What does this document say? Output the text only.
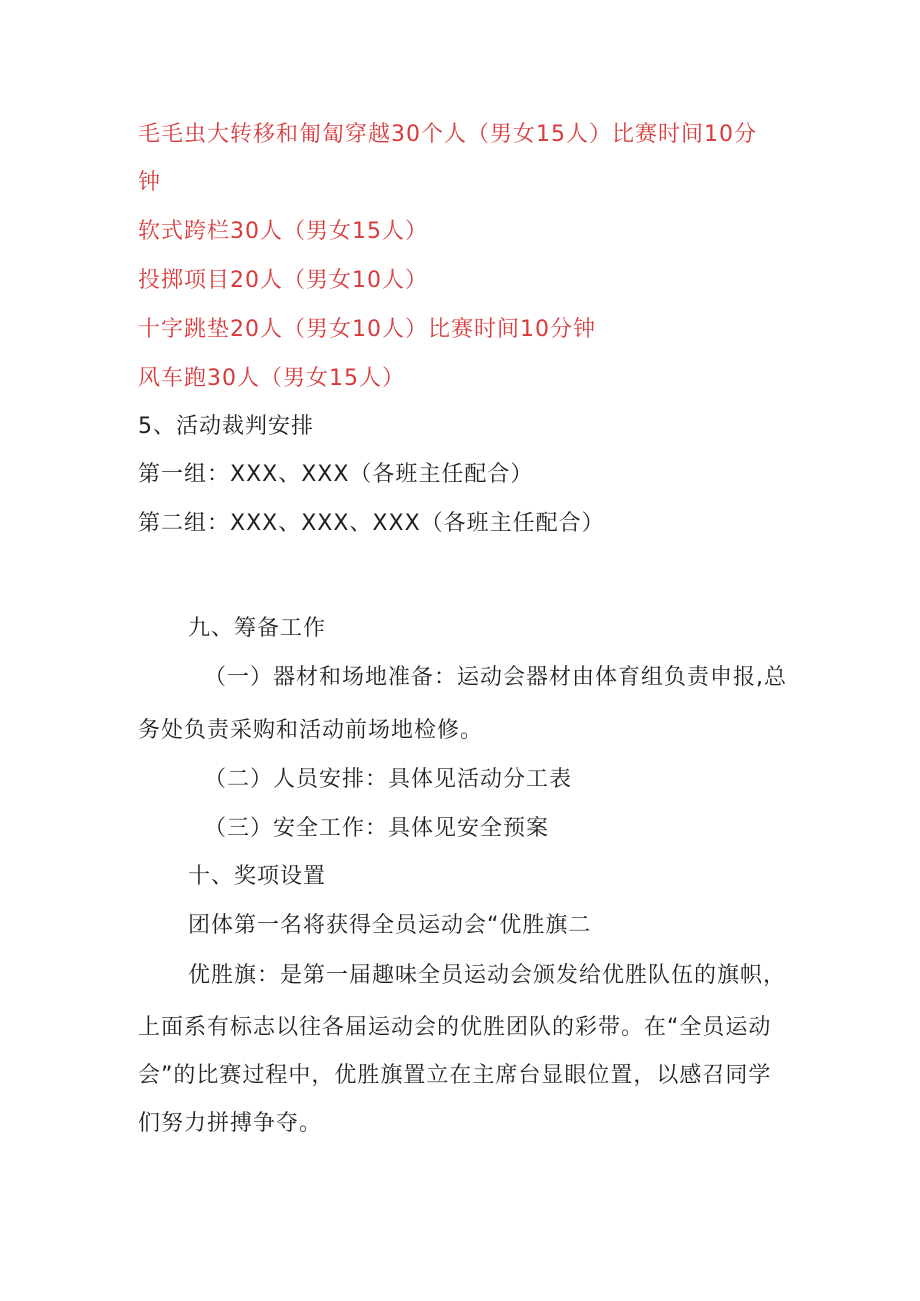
毛毛虫大转移和匍匐穿越30个人（男女15人）比赛时间10分
钟
软式跨栏30人（男女15人）
投掷项目20人（男女10人）
十字跳垫20人（男女10人）比赛时间10分钟
风车跑30人（男女15人）
5、活动裁判安排
第一组：XXX、XXX（各班主任配合）
第二组：XXX、XXX、XXX（各班主任配合）
九、筹备工作
（一）器材和场地准备：运动会器材由体育组负责申报,总
务处负责采购和活动前场地检修。
（二）人员安排：具体见活动分工表
（三）安全工作：具体见安全预案
十、奖项设置
团体第一名将获得全员运动会“优胜旗二
优胜旗：是第一届趣味全员运动会颁发给优胜队伍的旗帜，
上面系有标志以往各届运动会的优胜团队的彩带。在“全员运动
会”的比赛过程中，优胜旗置立在主席台显眼位置，以感召同学
们努力拼搏争夺。
